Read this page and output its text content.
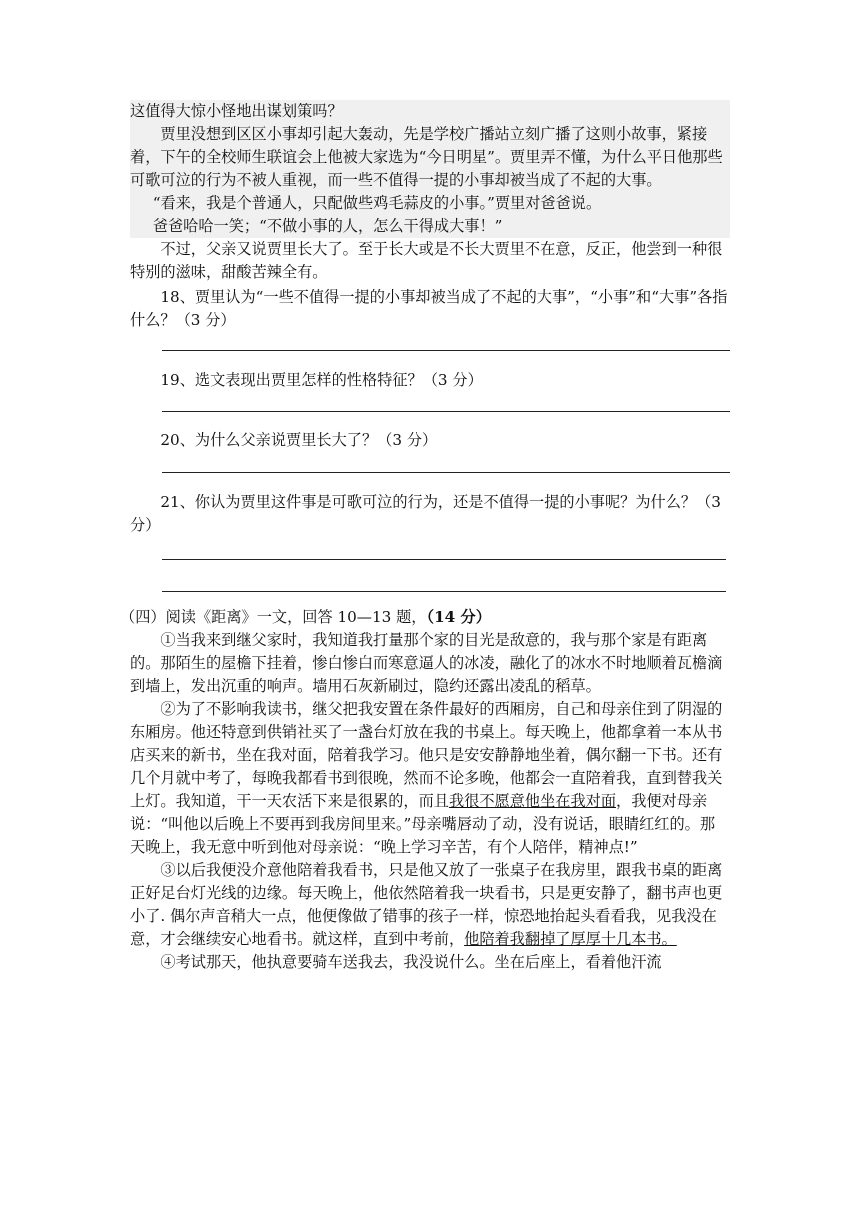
这值得大惊小怪地出谋划策吗？

贾里没想到区区小事却引起大轰动，先是学校广播站立刻广播了这则小故事，紧接着，下午的全校师生联谊会上他被大家选为“今日明星”。贾里弄不懂，为什么平日他那些可歌可泣的行为不被人重视，而一些不值得一提的小事却被当成了不起的大事。

“看来，我是个普通人，只配做些鸡毛蒜皮的小事。”贾里对爸爸说。

爸爸哈哈一笑；“不做小事的人，怎么干得成大事！”

不过，父亲又说贾里长大了。至于长大或是不长大贾里不在意，反正，他尝到一种很特别的滋味，甜酸苦辣全有。

18、贾里认为“一些不值得一提的小事却被当成了不起的大事”，“小事”和“大事”各指什么？（3 分）

19、选文表现出贾里怎样的性格特征？（3 分）

20、为什么父亲说贾里长大了？（3 分）

21、你认为贾里这件事是可歌可泣的行为，还是不值得一提的小事呢？为什么？（3 分）

（四）阅读《距离》一文，回答 10—13 题，（14 分）

①当我来到继父家时，我知道我打量那个家的目光是敌意的，我与那个家是有距离的。那陌生的屋檐下挂着，惨白惨白而寒意逼人的冰凌，融化了的冰水不时地顺着瓦檐滴到墙上，发出沉重的响声。墙用石灰新刷过，隐约还露出凌乱的稻草。

②为了不影响我读书，继父把我安置在条件最好的西厢房，自己和母亲住到了阴湿的东厢房。他还特意到供销社买了一盏台灯放在我的书桌上。每天晚上，他都拿着一本从书店买来的新书，坐在我对面，陪着我学习。他只是安安静静地坐着，偶尔翻一下书。还有几个月就中考了，每晚我都看书到很晚，然而不论多晚，他都会一直陪着我，直到替我关上灯。我知道，干一天农活下来是很累的，而且我很不愿意他坐在我对面，我便对母亲说：“叫他以后晚上不要再到我房间里来。”母亲嘴唇动了动，没有说话，眼睛红红的。那天晚上，我无意中听到他对母亲说：“晚上学习辛苦，有个人陪伴，精神点!”

③以后我便没介意他陪着我看书，只是他又放了一张桌子在我房里，跟我书桌的距离

正好足台灯光线的边缘。每天晚上，他依然陪着我一块看书，只是更安静了，翻书声也更小了. 偶尔声音稍大一点，他便像做了错事的孩子一样，惊恐地抬起头看看我，见我没在意，才会继续安心地看书。就这样，直到中考前，他陪着我翻掉了厚厚十几本书。

④考试那天，他执意要骑车送我去，我没说什么。坐在后座上，看着他汗流
